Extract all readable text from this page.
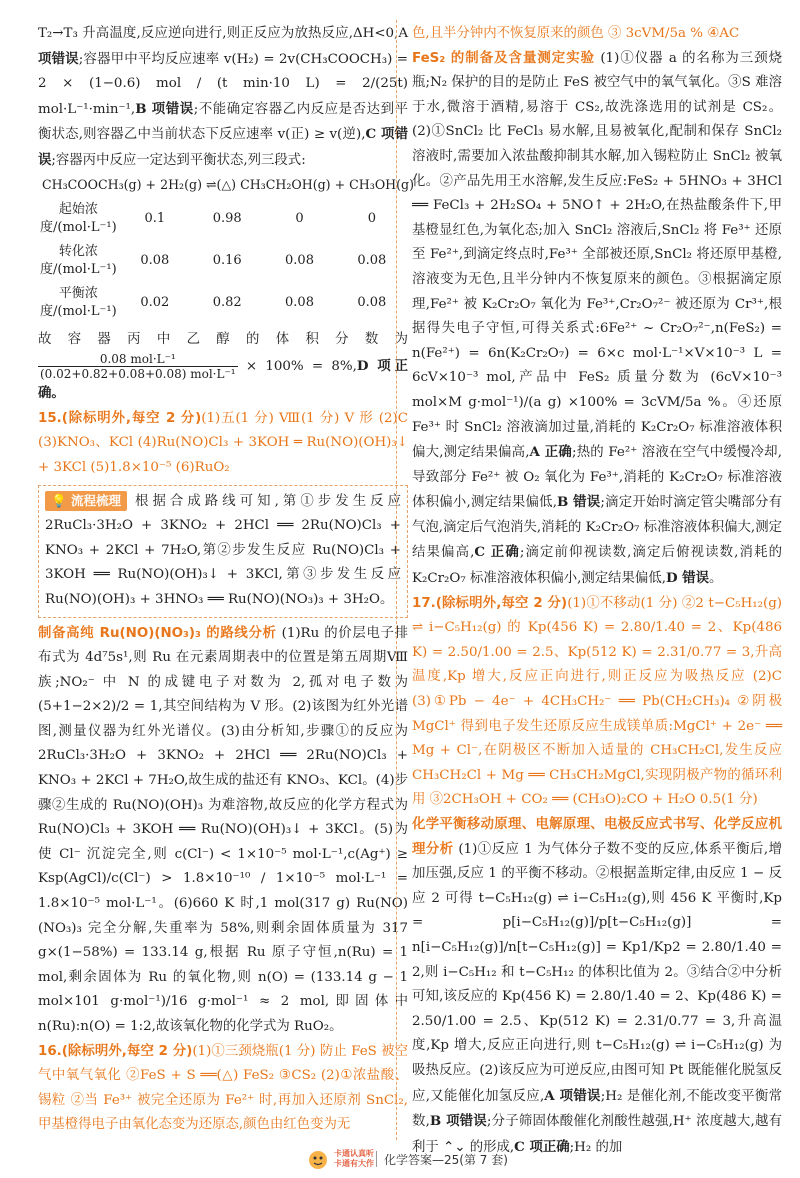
T₂→T₃ 升高温度,反应逆向进行,则正反应为放热反应,ΔH<0,A 项错误;容器甲中平均反应速率 v(H₂) = 2v(CH₃COOCH₃) = 2 × (1−0.6) mol / (t min·10 L) = 2/(25t) mol·L⁻¹·min⁻¹,B 项错误;不能确定容器乙内反应是否达到平衡状态,则容器乙中当前状态下反应速率 v(正) ≥ v(逆),C 项错误;容器丙中反应一定达到平衡状态,列三段式:

CH₃COOCH₃(g) + 2H₂(g) ⇌(△) CH₃CH₂OH(g) + CH₃OH(g)
起始浓度/(mol·L⁻¹)	0.1	0.98	0	0
转化浓度/(mol·L⁻¹)	0.08	0.16	0.08	0.08
平衡浓度/(mol·L⁻¹)	0.02	0.82	0.08	0.08

故容器丙中乙醇的体积分数为
$\frac{\text{0.08 mol·L⁻¹}}{\text{(0.02+0.82+0.08+0.08) mol·L⁻¹}} \times 100\% = 8\%,D$ 项正确。

15.(除标明外,每空 2 分)(1)五(1 分) Ⅷ(1 分) V 形 (2)C (3)KNO₃、KCl (4)Ru(NO)Cl₃ + 3KOH ═ Ru(NO)(OH)₃↓ + 3KCl (5)1.8×10⁻⁵ (6)RuO₂

💡 流程梳理 根据合成路线可知,第①步发生反应 2RuCl₃·3H₂O + 3KNO₂ + 2HCl ══ 2Ru(NO)Cl₃ + KNO₃ + 2KCl + 7H₂O,第②步发生反应 Ru(NO)Cl₃ + 3KOH ══ Ru(NO)(OH)₃↓ + 3KCl,第③步发生反应 Ru(NO)(OH)₃ + 3HNO₃ ══ Ru(NO)(NO₃)₃ + 3H₂O。

制备高纯 Ru(NO)(NO₃)₃ 的路线分析 (1)Ru 的价层电子排布式为 4d⁷5s¹,则 Ru 在元素周期表中的位置是第五周期Ⅷ族;NO₂⁻ 中 N 的成键电子对数为 2,孤对电子数为 (5+1−2×2)/2 = 1,其空间结构为 V 形。(2)该图为红外光谱图,测量仪器为红外光谱仪。(3)由分析知,步骤①的反应为 2RuCl₃·3H₂O + 3KNO₂ + 2HCl ══ 2Ru(NO)Cl₃ + KNO₃ + 2KCl + 7H₂O,故生成的盐还有 KNO₃、KCl。(4)步骤②生成的 Ru(NO)(OH)₃ 为难溶物,故反应的化学方程式为 Ru(NO)Cl₃ + 3KOH ══ Ru(NO)(OH)₃↓ + 3KCl。(5)为使 Cl⁻ 沉淀完全,则 c(Cl⁻) < 1×10⁻⁵ mol·L⁻¹,c(Ag⁺) ≥ Ksp(AgCl)/c(Cl⁻) > 1.8×10⁻¹⁰ / 1×10⁻⁵ mol·L⁻¹ = 1.8×10⁻⁵ mol·L⁻¹。(6)660 K 时,1 mol(317 g) Ru(NO)(NO₃)₃ 完全分解,失重率为 58%,则剩余固体质量为 317 g×(1−58%) = 133.14 g,根据 Ru 原子守恒,n(Ru) = 1 mol,剩余固体为 Ru 的氧化物,则 n(O) = (133.14 g − 1 mol×101 g·mol⁻¹)/16 g·mol⁻¹ ≈ 2 mol,即固体中 n(Ru):n(O) = 1:2,故该氧化物的化学式为 RuO₂。

16.(除标明外,每空 2 分)(1)①三颈烧瓶(1 分) 防止 FeS 被空气中氧气氧化 ②FeS + S ══(△) FeS₂ ③CS₂ (2)①浓盐酸、锡粒 ②当 Fe³⁺ 被完全还原为 Fe²⁺ 时,再加入还原剂 SnCl₂,甲基橙得电子由氧化态变为还原态,颜色由红色变为无

色,且半分钟内不恢复原来的颜色 ③ 3cVM/5a % ④AC

FeS₂ 的制备及含量测定实验 (1)①仪器 a 的名称为三颈烧瓶;N₂ 保护的目的是防止 FeS 被空气中的氧气氧化。③S 难溶于水,微溶于酒精,易溶于 CS₂,故洗涤选用的试剂是 CS₂。(2)①SnCl₂ 比 FeCl₃ 易水解,且易被氧化,配制和保存 SnCl₂ 溶液时,需要加入浓盐酸抑制其水解,加入锡粒防止 SnCl₂ 被氧化。②产品先用王水溶解,发生反应:FeS₂ + 5HNO₃ + 3HCl ══ FeCl₃ + 2H₂SO₄ + 5NO↑ + 2H₂O,在热盐酸条件下,甲基橙显红色,为氧化态;加入 SnCl₂ 溶液后,SnCl₂ 将 Fe³⁺ 还原至 Fe²⁺,到滴定终点时,Fe³⁺ 全部被还原,SnCl₂ 将还原甲基橙,溶液变为无色,且半分钟内不恢复原来的颜色。③根据滴定原理,Fe²⁺ 被 K₂Cr₂O₇ 氧化为 Fe³⁺,Cr₂O₇²⁻ 被还原为 Cr³⁺,根据得失电子守恒,可得关系式:6Fe²⁺ ~ Cr₂O₇²⁻,n(FeS₂) = n(Fe²⁺) = 6n(K₂Cr₂O₇) = 6×c mol·L⁻¹×V×10⁻³ L = 6cV×10⁻³ mol,产品中 FeS₂ 质量分数为 (6cV×10⁻³ mol×M g·mol⁻¹)/(a g) ×100% = 3cVM/5a %。④还原 Fe³⁺ 时 SnCl₂ 溶液滴加过量,消耗的 K₂Cr₂O₇ 标准溶液体积偏大,测定结果偏高,A 正确;热的 Fe²⁺ 溶液在空气中缓慢冷却,导致部分 Fe²⁺ 被 O₂ 氧化为 Fe³⁺,消耗的 K₂Cr₂O₇ 标准溶液体积偏小,测定结果偏低,B 错误;滴定开始时滴定管尖嘴部分有气泡,滴定后气泡消失,消耗的 K₂Cr₂O₇ 标准溶液体积偏大,测定结果偏高,C 正确;滴定前仰视读数,滴定后俯视读数,消耗的 K₂Cr₂O₇ 标准溶液体积偏小,测定结果偏低,D 错误。

17.(除标明外,每空 2 分)(1)①不移动(1 分) ②2 t−C₅H₁₂(g) ⇌ i−C₅H₁₂(g) 的 Kp(456 K) = 2.80/1.40 = 2、Kp(486 K) = 2.50/1.00 = 2.5、Kp(512 K) = 2.31/0.77 = 3,升高温度,Kp 增大,反应正向进行,则正反应为吸热反应 (2)C (3)①Pb − 4e⁻ + 4CH₃CH₂⁻ ══ Pb(CH₂CH₃)₄ ②阴极 MgCl⁺ 得到电子发生还原反应生成镁单质:MgCl⁺ + 2e⁻ ══ Mg + Cl⁻,在阴极区不断加入适量的 CH₃CH₂Cl,发生反应 CH₃CH₂Cl + Mg ══ CH₃CH₂MgCl,实现阴极产物的循环利用 ③2CH₃OH + CO₂ ══ (CH₃O)₂CO + H₂O 0.5(1 分)

化学平衡移动原理、电解原理、电极反应式书写、化学反应机理分析 (1)①反应 1 为气体分子数不变的反应,体系平衡后,增加压强,反应 1 的平衡不移动。②根据盖斯定律,由反应 1 − 反应 2 可得 t−C₅H₁₂(g) ⇌ i−C₅H₁₂(g),则 456 K 平衡时,Kp = p[i−C₅H₁₂(g)]/p[t−C₅H₁₂(g)] = n[i−C₅H₁₂(g)]/n[t−C₅H₁₂(g)] = Kp1/Kp2 = 2.80/1.40 = 2,则 i−C₅H₁₂ 和 t−C₅H₁₂ 的体积比值为 2。③结合②中分析可知,该反应的 Kp(456 K) = 2.80/1.40 = 2、Kp(486 K) = 2.50/1.00 = 2.5、Kp(512 K) = 2.31/0.77 = 3,升高温度,Kp 增大,反应正向进行,则 t−C₅H₁₂(g) ⇌ i−C₅H₁₂(g) 为吸热反应。(2)该反应为可逆反应,由图可知 Pt 既能催化脱氢反应,又能催化加氢反应,A 项错误;H₂ 是催化剂,不能改变平衡常数,B 项错误;分子筛固体酸催化剂酸性越强,H⁺ 浓度越大,越有利于 ⌃⌄ 的形成,C 项正确;H₂ 的加

卡通认真听
卡通有大作 化学答案—25(第 7 套)
